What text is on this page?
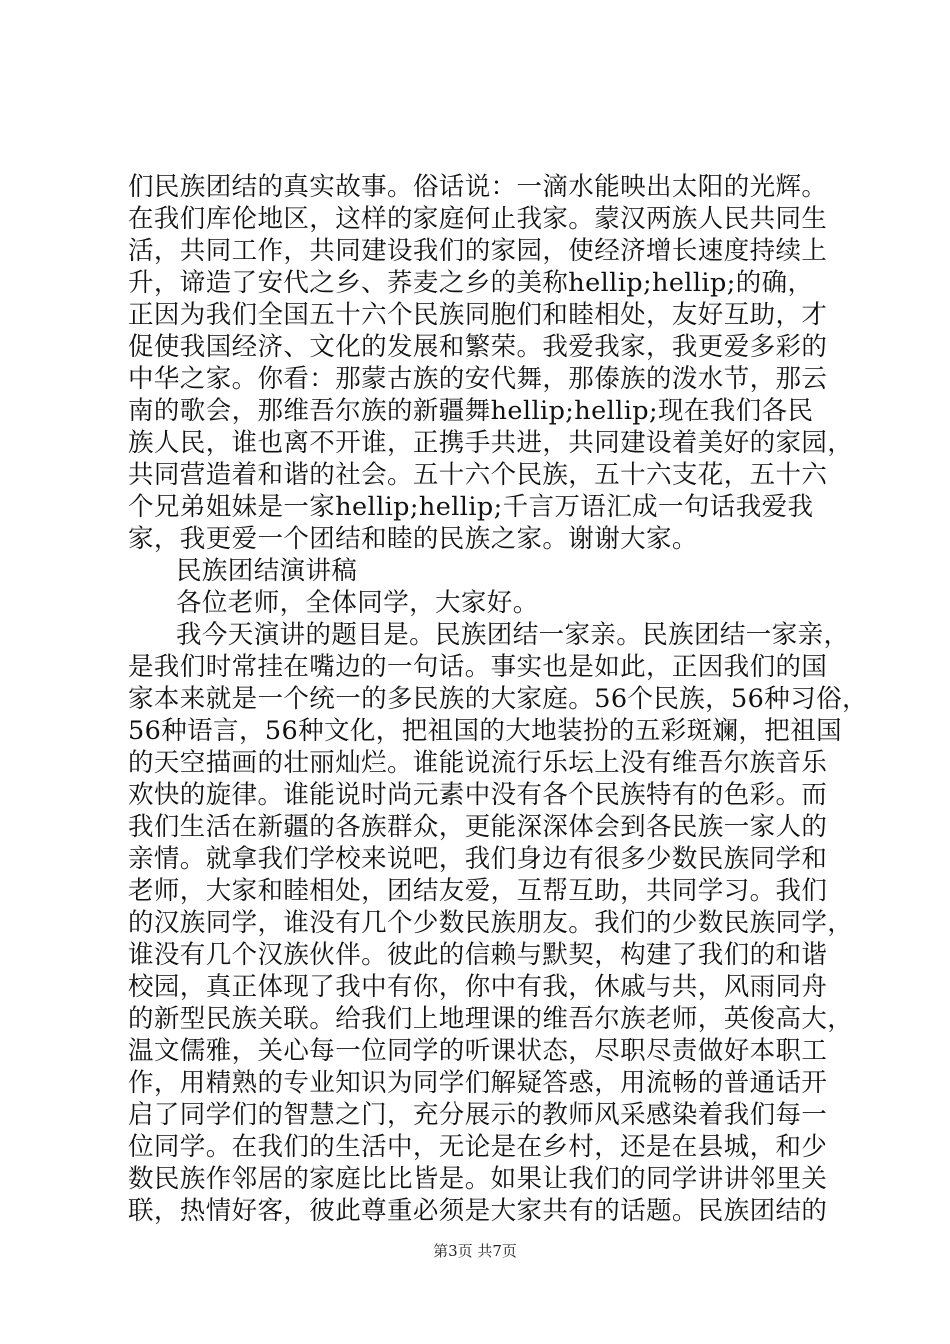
们民族团结的真实故事。俗话说：一滴水能映出太阳的光辉。
在我们库伦地区，这样的家庭何止我家。蒙汉两族人民共同生
活，共同工作，共同建设我们的家园，使经济增长速度持续上
升，谛造了安代之乡、荞麦之乡的美称hellip;hellip;的确，
正因为我们全国五十六个民族同胞们和睦相处，友好互助，才
促使我国经济、文化的发展和繁荣。我爱我家，我更爱多彩的
中华之家。你看：那蒙古族的安代舞，那傣族的泼水节，那云
南的歌会，那维吾尔族的新疆舞hellip;hellip;现在我们各民
族人民，谁也离不开谁，正携手共进，共同建设着美好的家园，
共同营造着和谐的社会。五十六个民族，五十六支花，五十六
个兄弟姐妹是一家hellip;hellip;千言万语汇成一句话我爱我
家，我更爱一个团结和睦的民族之家。谢谢大家。
民族团结演讲稿
各位老师，全体同学，大家好。
我今天演讲的题目是。民族团结一家亲。民族团结一家亲，
是我们时常挂在嘴边的一句话。事实也是如此，正因我们的国
家本来就是一个统一的多民族的大家庭。56个民族，56种习俗，
56种语言，56种文化，把祖国的大地装扮的五彩斑斓，把祖国
的天空描画的壮丽灿烂。谁能说流行乐坛上没有维吾尔族音乐
欢快的旋律。谁能说时尚元素中没有各个民族特有的色彩。而
我们生活在新疆的各族群众，更能深深体会到各民族一家人的
亲情。就拿我们学校来说吧，我们身边有很多少数民族同学和
老师，大家和睦相处，团结友爱，互帮互助，共同学习。我们
的汉族同学，谁没有几个少数民族朋友。我们的少数民族同学，
谁没有几个汉族伙伴。彼此的信赖与默契，构建了我们的和谐
校园，真正体现了我中有你，你中有我，休戚与共，风雨同舟
的新型民族关联。给我们上地理课的维吾尔族老师，英俊高大，
温文儒雅，关心每一位同学的听课状态，尽职尽责做好本职工
作，用精熟的专业知识为同学们解疑答惑，用流畅的普通话开
启了同学们的智慧之门，充分展示的教师风采感染着我们每一
位同学。在我们的生活中，无论是在乡村，还是在县城，和少
数民族作邻居的家庭比比皆是。如果让我们的同学讲讲邻里关
联，热情好客，彼此尊重必须是大家共有的话题。民族团结的
第3页 共7页
